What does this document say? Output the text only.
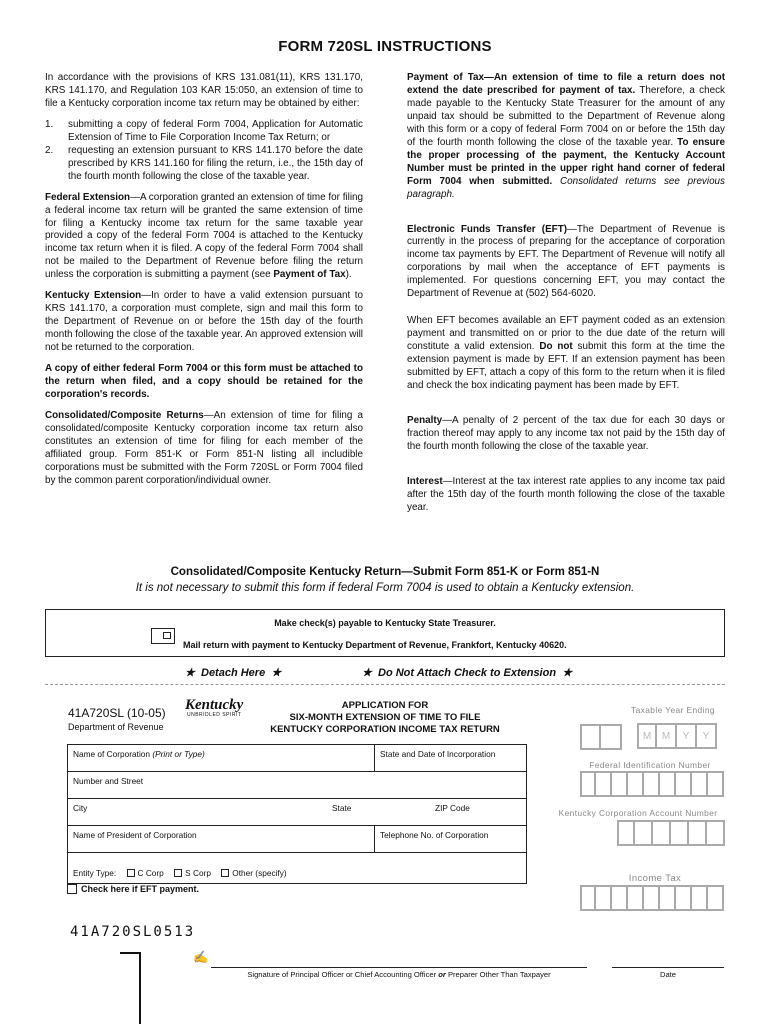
FORM 720SL INSTRUCTIONS

In accordance with the provisions of KRS 131.081(11), KRS 131.170, KRS 141.170, and Regulation 103 KAR 15:050, an extension of time to file a Kentucky corporation income tax return may be obtained by either:

1. submitting a copy of federal Form 7004, Application for Automatic Extension of Time to File Corporation Income Tax Return; or
2. requesting an extension pursuant to KRS 141.170 before the date prescribed by KRS 141.160 for filing the return, i.e., the 15th day of the fourth month following the close of the taxable year.

Federal Extension—A corporation granted an extension of time for filing a federal income tax return will be granted the same extension of time for filing a Kentucky income tax return for the same taxable year provided a copy of the federal Form 7004 is attached to the Kentucky income tax return when it is filed. A copy of the federal Form 7004 shall not be mailed to the Department of Revenue before filing the return unless the corporation is submitting a payment (see Payment of Tax).

Kentucky Extension—In order to have a valid extension pursuant to KRS 141.170, a corporation must complete, sign and mail this form to the Department of Revenue on or before the 15th day of the fourth month following the close of the taxable year. An approved extension will not be returned to the corporation.

A copy of either federal Form 7004 or this form must be attached to the return when filed, and a copy should be retained for the corporation's records.

Consolidated/Composite Returns—An extension of time for filing a consolidated/composite Kentucky corporation income tax return also constitutes an extension of time for filing for each member of the affiliated group. Form 851-K or Form 851-N listing all includible corporations must be submitted with the Form 720SL or Form 7004 filed by the common parent corporation/individual owner.

Payment of Tax—An extension of time to file a return does not extend the date prescribed for payment of tax. Therefore, a check made payable to the Kentucky State Treasurer for the amount of any unpaid tax should be submitted to the Department of Revenue along with this form or a copy of federal Form 7004 on or before the 15th day of the fourth month following the close of the taxable year. To ensure the proper processing of the payment, the Kentucky Account Number must be printed in the upper right hand corner of federal Form 7004 when submitted. Consolidated returns see previous paragraph.

Electronic Funds Transfer (EFT)—The Department of Revenue is currently in the process of preparing for the acceptance of corporation income tax payments by EFT. The Department of Revenue will notify all corporations by mail when the acceptance of EFT payments is implemented. For questions concerning EFT, you may contact the Department of Revenue at (502) 564-6020.

When EFT becomes available an EFT payment coded as an extension payment and transmitted on or prior to the due date of the return will constitute a valid extension. Do not submit this form at the time the extension payment is made by EFT. If an extension payment has been submitted by EFT, attach a copy of this form to the return when it is filed and check the box indicating payment has been made by EFT.

Penalty—A penalty of 2 percent of the tax due for each 30 days or fraction thereof may apply to any income tax not paid by the 15th day of the fourth month following the close of the taxable year.

Interest—Interest at the tax interest rate applies to any income tax paid after the 15th day of the fourth month following the close of the taxable year.

Consolidated/Composite Kentucky Return—Submit Form 851-K or Form 851-N
It is not necessary to submit this form if federal Form 7004 is used to obtain a Kentucky extension.
Make check(s) payable to Kentucky State Treasurer.
Mail return with payment to Kentucky Department of Revenue, Frankfort, Kentucky 40620.
★ Detach Here ★	★ Do Not Attach Check to Extension ★
41A720SL (10-05)
Department of Revenue
Kentucky
UNBRIDLED SPIRIT
APPLICATION FOR
SIX-MONTH EXTENSION OF TIME TO FILE
KENTUCKY CORPORATION INCOME TAX RETURN
Name of Corporation (Print or Type)	State and Date of Incorporation
Number and Street
City	State	ZIP Code
Name of President of Corporation	Telephone No. of Corporation
Entity Type:	C Corp	S Corp	Other (specify)
Check here if EFT payment.
Taxable Year Ending
M	M	Y	Y
Federal Identification Number
Kentucky Corporation Account Number
Income Tax
41A720SL0513
✍
Signature of Principal Officer or Chief Accounting Officer or Preparer Other Than Taxpayer	Date
